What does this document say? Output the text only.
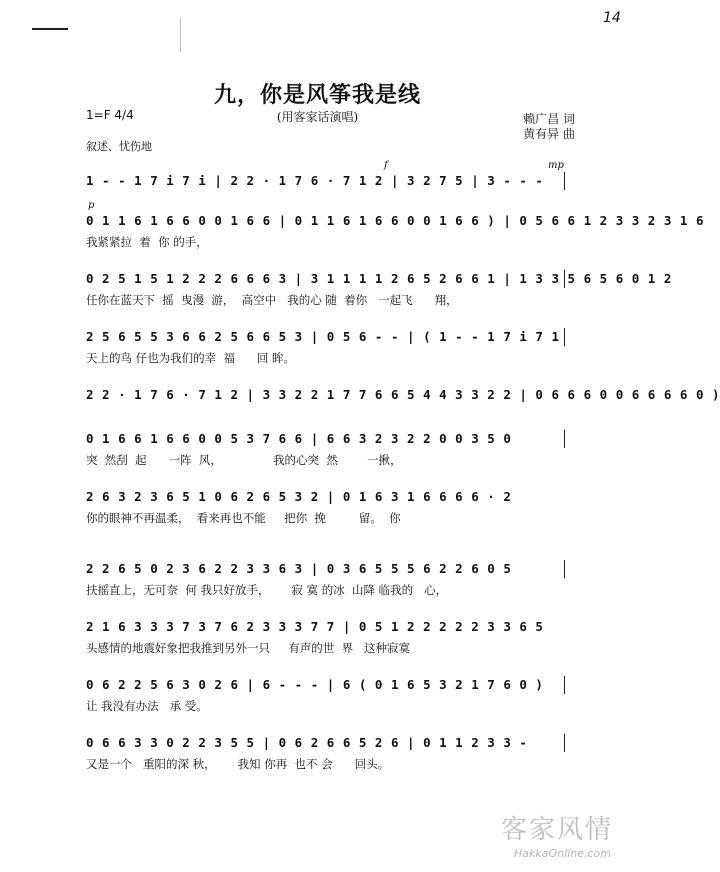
14
九，你是风筝我是线
(用客家话演唱)
1=F 4/4
叙述、忧伤地
赖广昌 词
黄有异 曲
f	mp
1 - - 1 7 i 7 i | 2 2 · 1 7 6 · 7 1 2 | 3 2 7 5 | 3 - - -
p
0 1 1 6 1 6 6 0 0 1 6 6 | 0 1 1 6 1 6 6 0 0 1 6 6 ) | 0 5 6 6 1 2 3 3 2 3 1 6
我紧紧拉  着  你 的手，
0 2 5 1 5 1 2 2 2 6 6 6 3 | 3 1 1 1 1 2 6 5 2 6 6 1 | 1 3 3 5 6 5 6 0 1 2
任你在蓝天下  摇  曳漫  游，  高空中   我的心 随  着你   一起飞      翔，
2 5 6 5 5 3 6 6 2 5 6 6 5 3 | 0 5 6 - - | ( 1 - - 1 7 i 7 1
天上的鸟 仔也为我们的幸  福      回 眸。
2 2 · 1 7 6 · 7 1 2 | 3 3 2 2 1 7 7 6 6 5 4 4 3 3 2 2 | 0 6 6 6 0 0 6 6 6 6 0 )
0 1 6 6 1 6 6 0 0 5 3 7 6 6 | 6 6 3 2 3 2 2 0 0 3 5 0
突  然刮  起      一阵  风，              我的心突  然        一揪，
2 6 3 2 3 6 5 1 0 6 2 6 5 3 2 | 0 1 6 3 1 6 6 6 6 · 2
你的眼神不再温柔，  看来再也不能     把你  挽         留。  你
2 2 6 5 0 2 3 6 2 2 3 3 6 3 | 0 3 6 5 5 5 6 2 2 6 0 5
扶摇直上，无可奈  何 我只好放手，      寂 寞 的冰  山降 临我的   心，
2 1 6 3 3 3 7 3 7 6 2 3 3 3 7 7 | 0 5 1 2 2 2 2 2 3 3 6 5
头感情的地震好象把我推到另外一只     有声的世  界   这种寂寞
0 6 2 2 5 6 3 0 2 6 | 6 - - - | 6 ( 0 1 6 5 3 2 1 7 6 0 )
让 我没有办法   承 受。
0 6 6 3 3 0 2 2 3 5 5 | 0 6 2 6 6 5 2 6 | 0 1 1 2 3 3 -
又是一个   重阳的深 秋，      我知 你再  也不 会      回头。
客家风情
HakkaOnline.com
